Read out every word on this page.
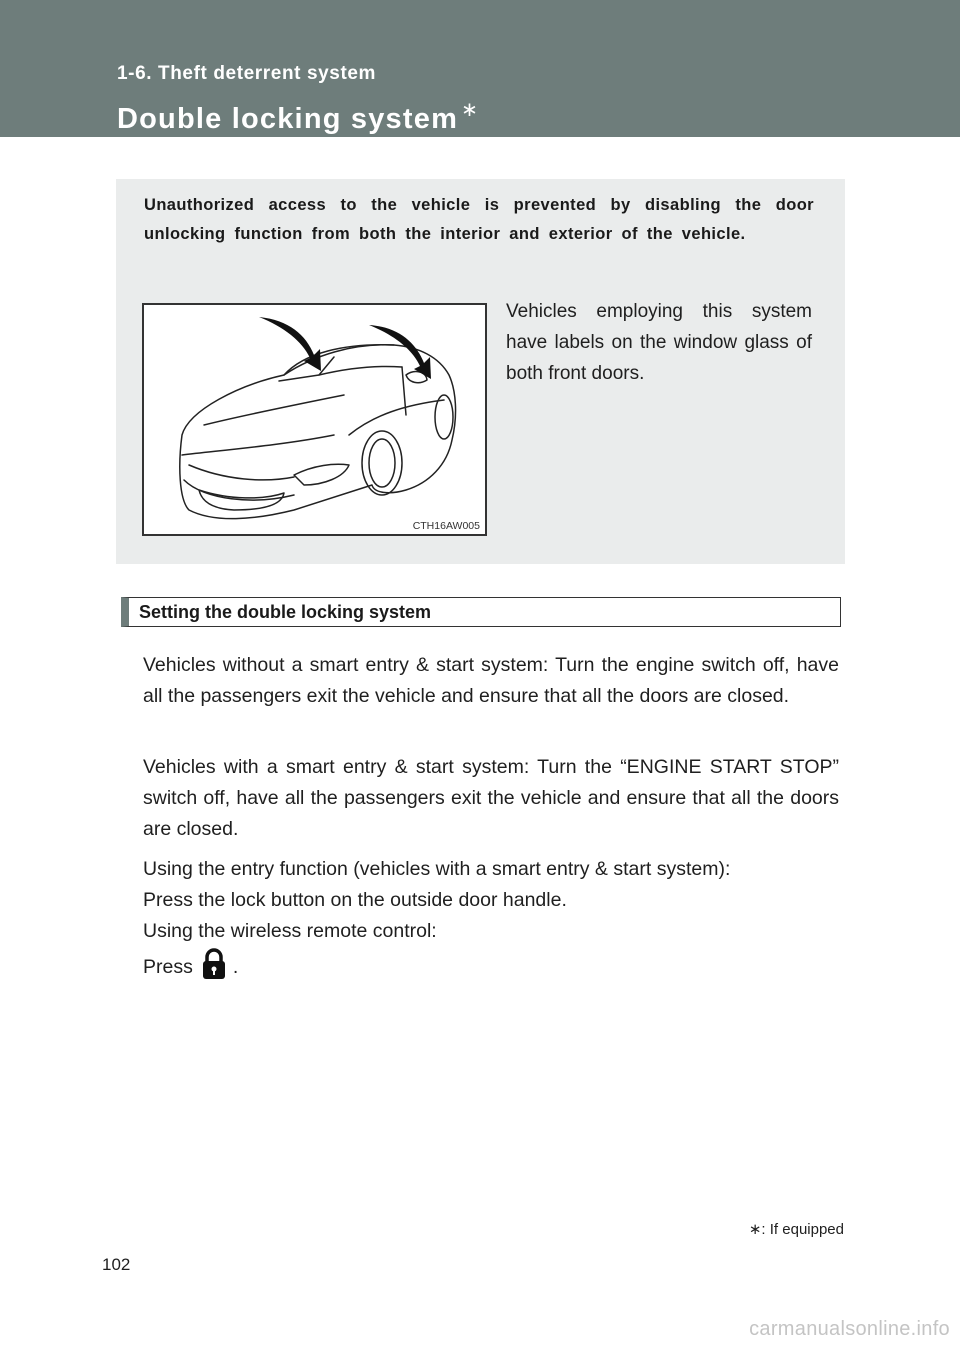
1-6. Theft deterrent system
Double locking system ∗

Unauthorized access to the vehicle is prevented by disabling the door unlocking function from both the interior and exterior of the vehicle.

CTH16AW005

Vehicles employing this system have labels on the window glass of both front doors.

Setting the double locking system

Vehicles without a smart entry & start system: Turn the engine switch off, have all the passengers exit the vehicle and ensure that all the doors are closed.

Vehicles with a smart entry & start system: Turn the “ENGINE START STOP” switch off, have all the passengers exit the vehicle and ensure that all the doors are closed.

Using the entry function (vehicles with a smart entry & start system):

Press the lock button on the outside door handle.

Using the wireless remote control:

Press .

∗: If equipped
102
carmanualsonline.info
